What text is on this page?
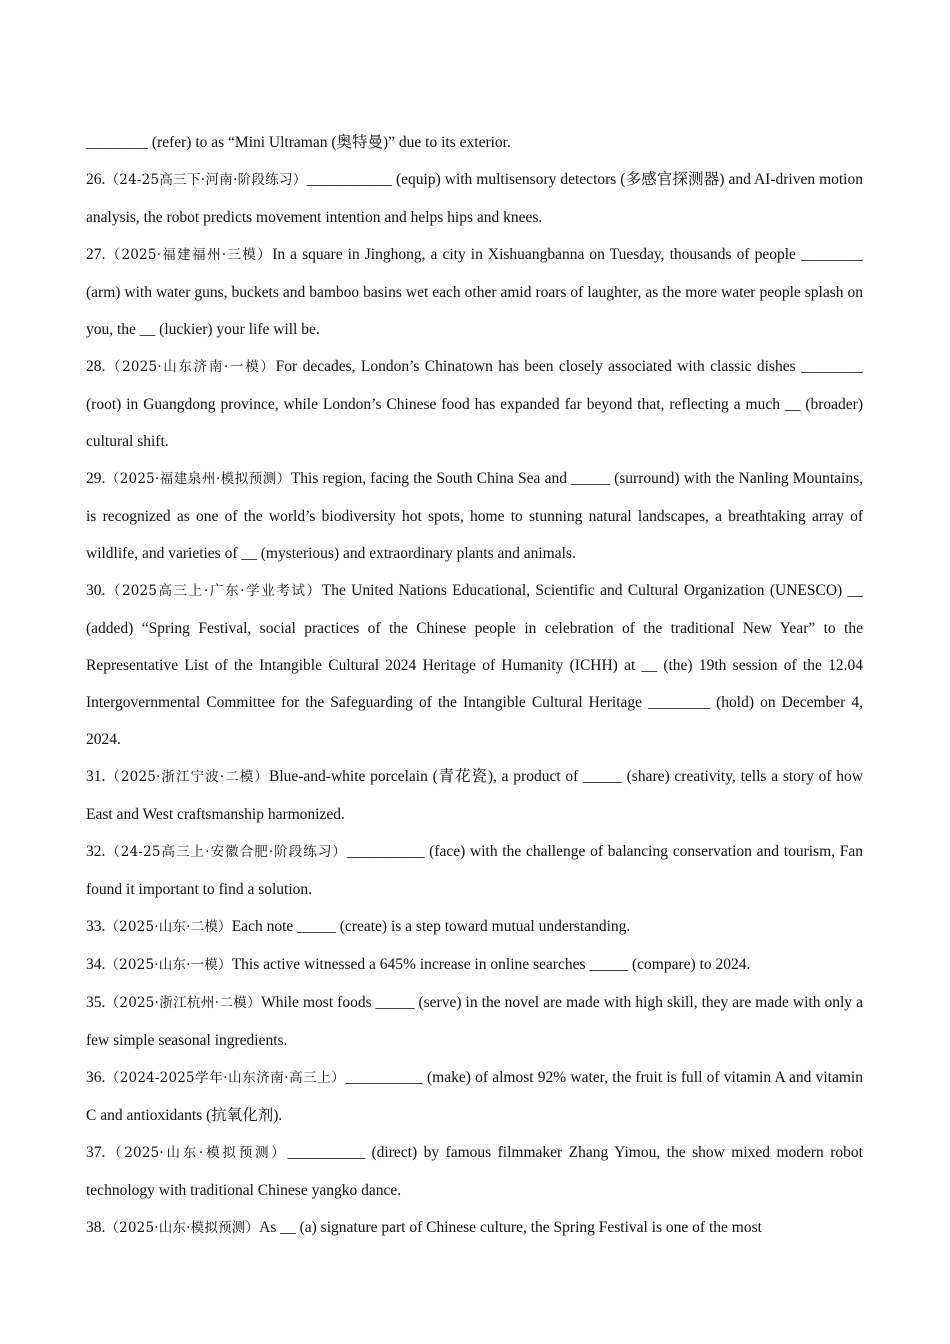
________ (refer) to as “Mini Ultraman (奥特曼)” due to its exterior.

26.（24-25高三下·河南·阶段练习）___________ (equip) with multisensory detectors (多感官探测器) and AI-driven motion analysis, the robot predicts movement intention and helps hips and knees.

27.（2025·福建福州·三模）In a square in Jinghong, a city in Xishuangbanna on Tuesday, thousands of people ________ (arm) with water guns, buckets and bamboo basins wet each other amid roars of laughter, as the more water people splash on you, the __ (luckier) your life will be.

28.（2025·山东济南·一模）For decades, London’s Chinatown has been closely associated with classic dishes ________ (root) in Guangdong province, while London’s Chinese food has expanded far beyond that, reflecting a much __ (broader) cultural shift.

29.（2025·福建泉州·模拟预测）This region, facing the South China Sea and _____ (surround) with the Nanling Mountains, is recognized as one of the world’s biodiversity hot spots, home to stunning natural landscapes, a breathtaking array of wildlife, and varieties of __ (mysterious) and extraordinary plants and animals.

30.（2025高三上·广东·学业考试）The United Nations Educational, Scientific and Cultural Organization (UNESCO) __ (added) “Spring Festival, social practices of the Chinese people in celebration of the traditional New Year” to the Representative List of the Intangible Cultural 2024 Heritage of Humanity (ICHH) at __ (the) 19th session of the 12.04 Intergovernmental Committee for the Safeguarding of the Intangible Cultural Heritage ________ (hold) on December 4, 2024.

31.（2025·浙江宁波·二模）Blue-and-white porcelain (青花瓷), a product of _____ (share) creativity, tells a story of how East and West craftsmanship harmonized.

32.（24-25高三上·安徽合肥·阶段练习）__________ (face) with the challenge of balancing conservation and tourism, Fan found it important to find a solution.

33.（2025·山东·二模）Each note _____ (create) is a step toward mutual understanding.

34.（2025·山东·一模）This active witnessed a 645% increase in online searches _____ (compare) to 2024.

35.（2025·浙江杭州·二模）While most foods _____ (serve) in the novel are made with high skill, they are made with only a few simple seasonal ingredients.

36.（2024-2025学年·山东济南·高三上）__________ (make) of almost 92% water, the fruit is full of vitamin A and vitamin C and antioxidants (抗氧化剂).

37.（2025·山东·模拟预测）__________ (direct) by famous filmmaker Zhang Yimou, the show mixed modern robot technology with traditional Chinese yangko dance.

38.（2025·山东·模拟预测）As __ (a) signature part of Chinese culture, the Spring Festival is one of the most
